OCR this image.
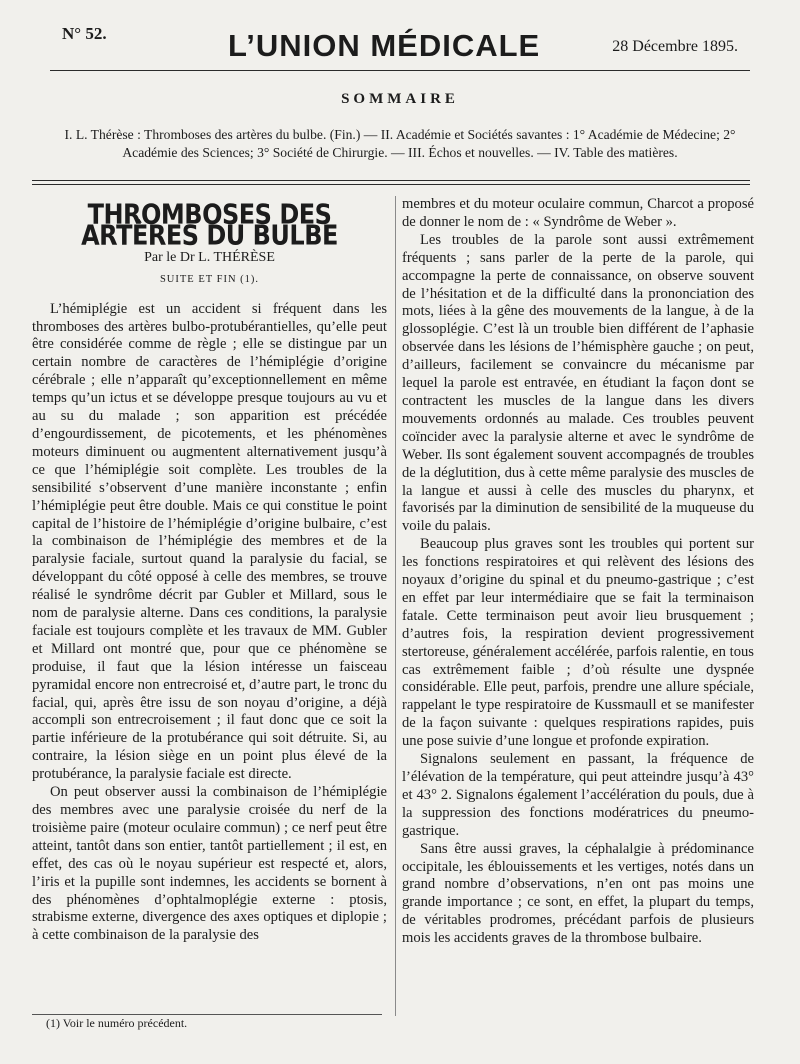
N° 52.	L’UNION MÉDICALE	28 Décembre 1895.
SOMMAIRE
I. L. Thérèse : Thromboses des artères du bulbe. (Fin.) — II. Académie et Sociétés savantes : 1° Académie de Médecine; 2° Académie des Sciences; 3° Société de Chirurgie. — III. Échos et nouvelles. — IV. Table des matières.
THROMBOSES DES ARTÈRES DU BULBE
Par le Dr L. THÉRÈSE
SUITE ET FIN (1).

L’hémiplégie est un accident si fréquent dans les thromboses des artères bulbo-protubérantielles, qu’elle peut être considérée comme de règle ; elle se distingue par un certain nombre de caractères de l’hémiplégie d’origine cérébrale ; elle n’apparaît qu’exceptionnellement en même temps qu’un ictus et se développe presque toujours au vu et au su du malade ; son apparition est précédée d’engourdissement, de picotements, et les phénomènes moteurs diminuent ou augmentent alternativement jusqu’à ce que l’hémiplégie soit complète. Les troubles de la sensibilité s’observent d’une manière inconstante ; enfin l’hémiplégie peut être double. Mais ce qui constitue le point capital de l’histoire de l’hémiplégie d’origine bulbaire, c’est la combinaison de l’hémiplégie des membres et de la paralysie faciale, surtout quand la paralysie du facial, se développant du côté opposé à celle des membres, se trouve réalisé le syndrôme décrit par Gubler et Millard, sous le nom de paralysie alterne. Dans ces conditions, la paralysie faciale est toujours complète et les travaux de MM. Gubler et Millard ont montré que, pour que ce phénomène se produise, il faut que la lésion intéresse un faisceau pyramidal encore non entrecroisé et, d’autre part, le tronc du facial, qui, après être issu de son noyau d’origine, a déjà accompli son entrecroisement ; il faut donc que ce soit la partie inférieure de la protubérance qui soit détruite. Si, au contraire, la lésion siège en un point plus élevé de la protubérance, la paralysie faciale est directe.

On peut observer aussi la combinaison de l’hémiplégie des membres avec une paralysie croisée du nerf de la troisième paire (moteur oculaire commun) ; ce nerf peut être atteint, tantôt dans son entier, tantôt partiellement ; il est, en effet, des cas où le noyau supérieur est respecté et, alors, l’iris et la pupille sont indemnes, les accidents se bornent à des phénomènes d’ophtalmoplégie externe : ptosis, strabisme externe, divergence des axes optiques et diplopie ; à cette combinaison de la paralysie des

membres et du moteur oculaire commun, Charcot a proposé de donner le nom de : « Syndrôme de Weber ».

Les troubles de la parole sont aussi extrêmement fréquents ; sans parler de la perte de la parole, qui accompagne la perte de connaissance, on observe souvent de l’hésitation et de la difficulté dans la prononciation des mots, liées à la gêne des mouvements de la langue, à de la glossoplégie. C’est là un trouble bien différent de l’aphasie observée dans les lésions de l’hémisphère gauche ; on peut, d’ailleurs, facilement se convaincre du mécanisme par lequel la parole est entravée, en étudiant la façon dont se contractent les muscles de la langue dans les divers mouvements ordonnés au malade. Ces troubles peuvent coïncider avec la paralysie alterne et avec le syndrôme de Weber. Ils sont également souvent accompagnés de troubles de la déglutition, dus à cette même paralysie des muscles de la langue et aussi à celle des muscles du pharynx, et favorisés par la diminution de sensibilité de la muqueuse du voile du palais.

Beaucoup plus graves sont les troubles qui portent sur les fonctions respiratoires et qui relèvent des lésions des noyaux d’origine du spinal et du pneumo-gastrique ; c’est en effet par leur intermédiaire que se fait la terminaison fatale. Cette terminaison peut avoir lieu brusquement ; d’autres fois, la respiration devient progressivement stertoreuse, généralement accélérée, parfois ralentie, en tous cas extrêmement faible ; d’où résulte une dyspnée considérable. Elle peut, parfois, prendre une allure spéciale, rappelant le type respiratoire de Kussmaull et se manifester de la façon suivante : quelques respirations rapides, puis une pose suivie d’une longue et profonde expiration.

Signalons seulement en passant, la fréquence de l’élévation de la température, qui peut atteindre jusqu’à 43° et 43° 2. Signalons également l’accélération du pouls, due à la suppression des fonctions modératrices du pneumo-gastrique.

Sans être aussi graves, la céphalalgie à prédominance occipitale, les éblouissements et les vertiges, notés dans un grand nombre d’observations, n’en ont pas moins une grande importance ; ce sont, en effet, la plupart du temps, de véritables prodromes, précédant parfois de plusieurs mois les accidents graves de la thrombose bulbaire.

(1) Voir le numéro précédent.
